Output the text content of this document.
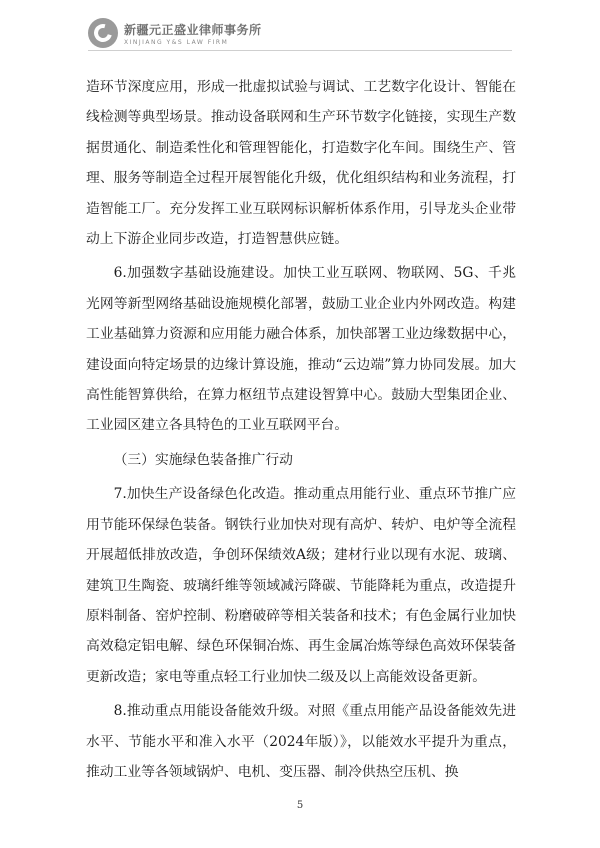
新疆元正盛业律师事务所
XINJIANG Y&S LAW FIRM

造环节深度应用，形成一批虚拟试验与调试、工艺数字化设计、智能在线检测等典型场景。推动设备联网和生产环节数字化链接，实现生产数据贯通化、制造柔性化和管理智能化，打造数字化车间。围绕生产、管理、服务等制造全过程开展智能化升级，优化组织结构和业务流程，打造智能工厂。充分发挥工业互联网标识解析体系作用，引导龙头企业带动上下游企业同步改造，打造智慧供应链。

6.加强数字基础设施建设。加快工业互联网、物联网、5G、千兆光网等新型网络基础设施规模化部署，鼓励工业企业内外网改造。构建工业基础算力资源和应用能力融合体系，加快部署工业边缘数据中心，建设面向特定场景的边缘计算设施，推动“云边端”算力协同发展。加大高性能智算供给，在算力枢纽节点建设智算中心。鼓励大型集团企业、工业园区建立各具特色的工业互联网平台。

（三）实施绿色装备推广行动

7.加快生产设备绿色化改造。推动重点用能行业、重点环节推广应用节能环保绿色装备。钢铁行业加快对现有高炉、转炉、电炉等全流程开展超低排放改造，争创环保绩效A级；建材行业以现有水泥、玻璃、建筑卫生陶瓷、玻璃纤维等领域减污降碳、节能降耗为重点，改造提升原料制备、窑炉控制、粉磨破碎等相关装备和技术；有色金属行业加快高效稳定铝电解、绿色环保铜冶炼、再生金属冶炼等绿色高效环保装备更新改造；家电等重点轻工行业加快二级及以上高能效设备更新。

8.推动重点用能设备能效升级。对照《重点用能产品设备能效先进水平、节能水平和准入水平（2024年版）》，以能效水平提升为重点，推动工业等各领域锅炉、电机、变压器、制冷供热空压机、换

5
